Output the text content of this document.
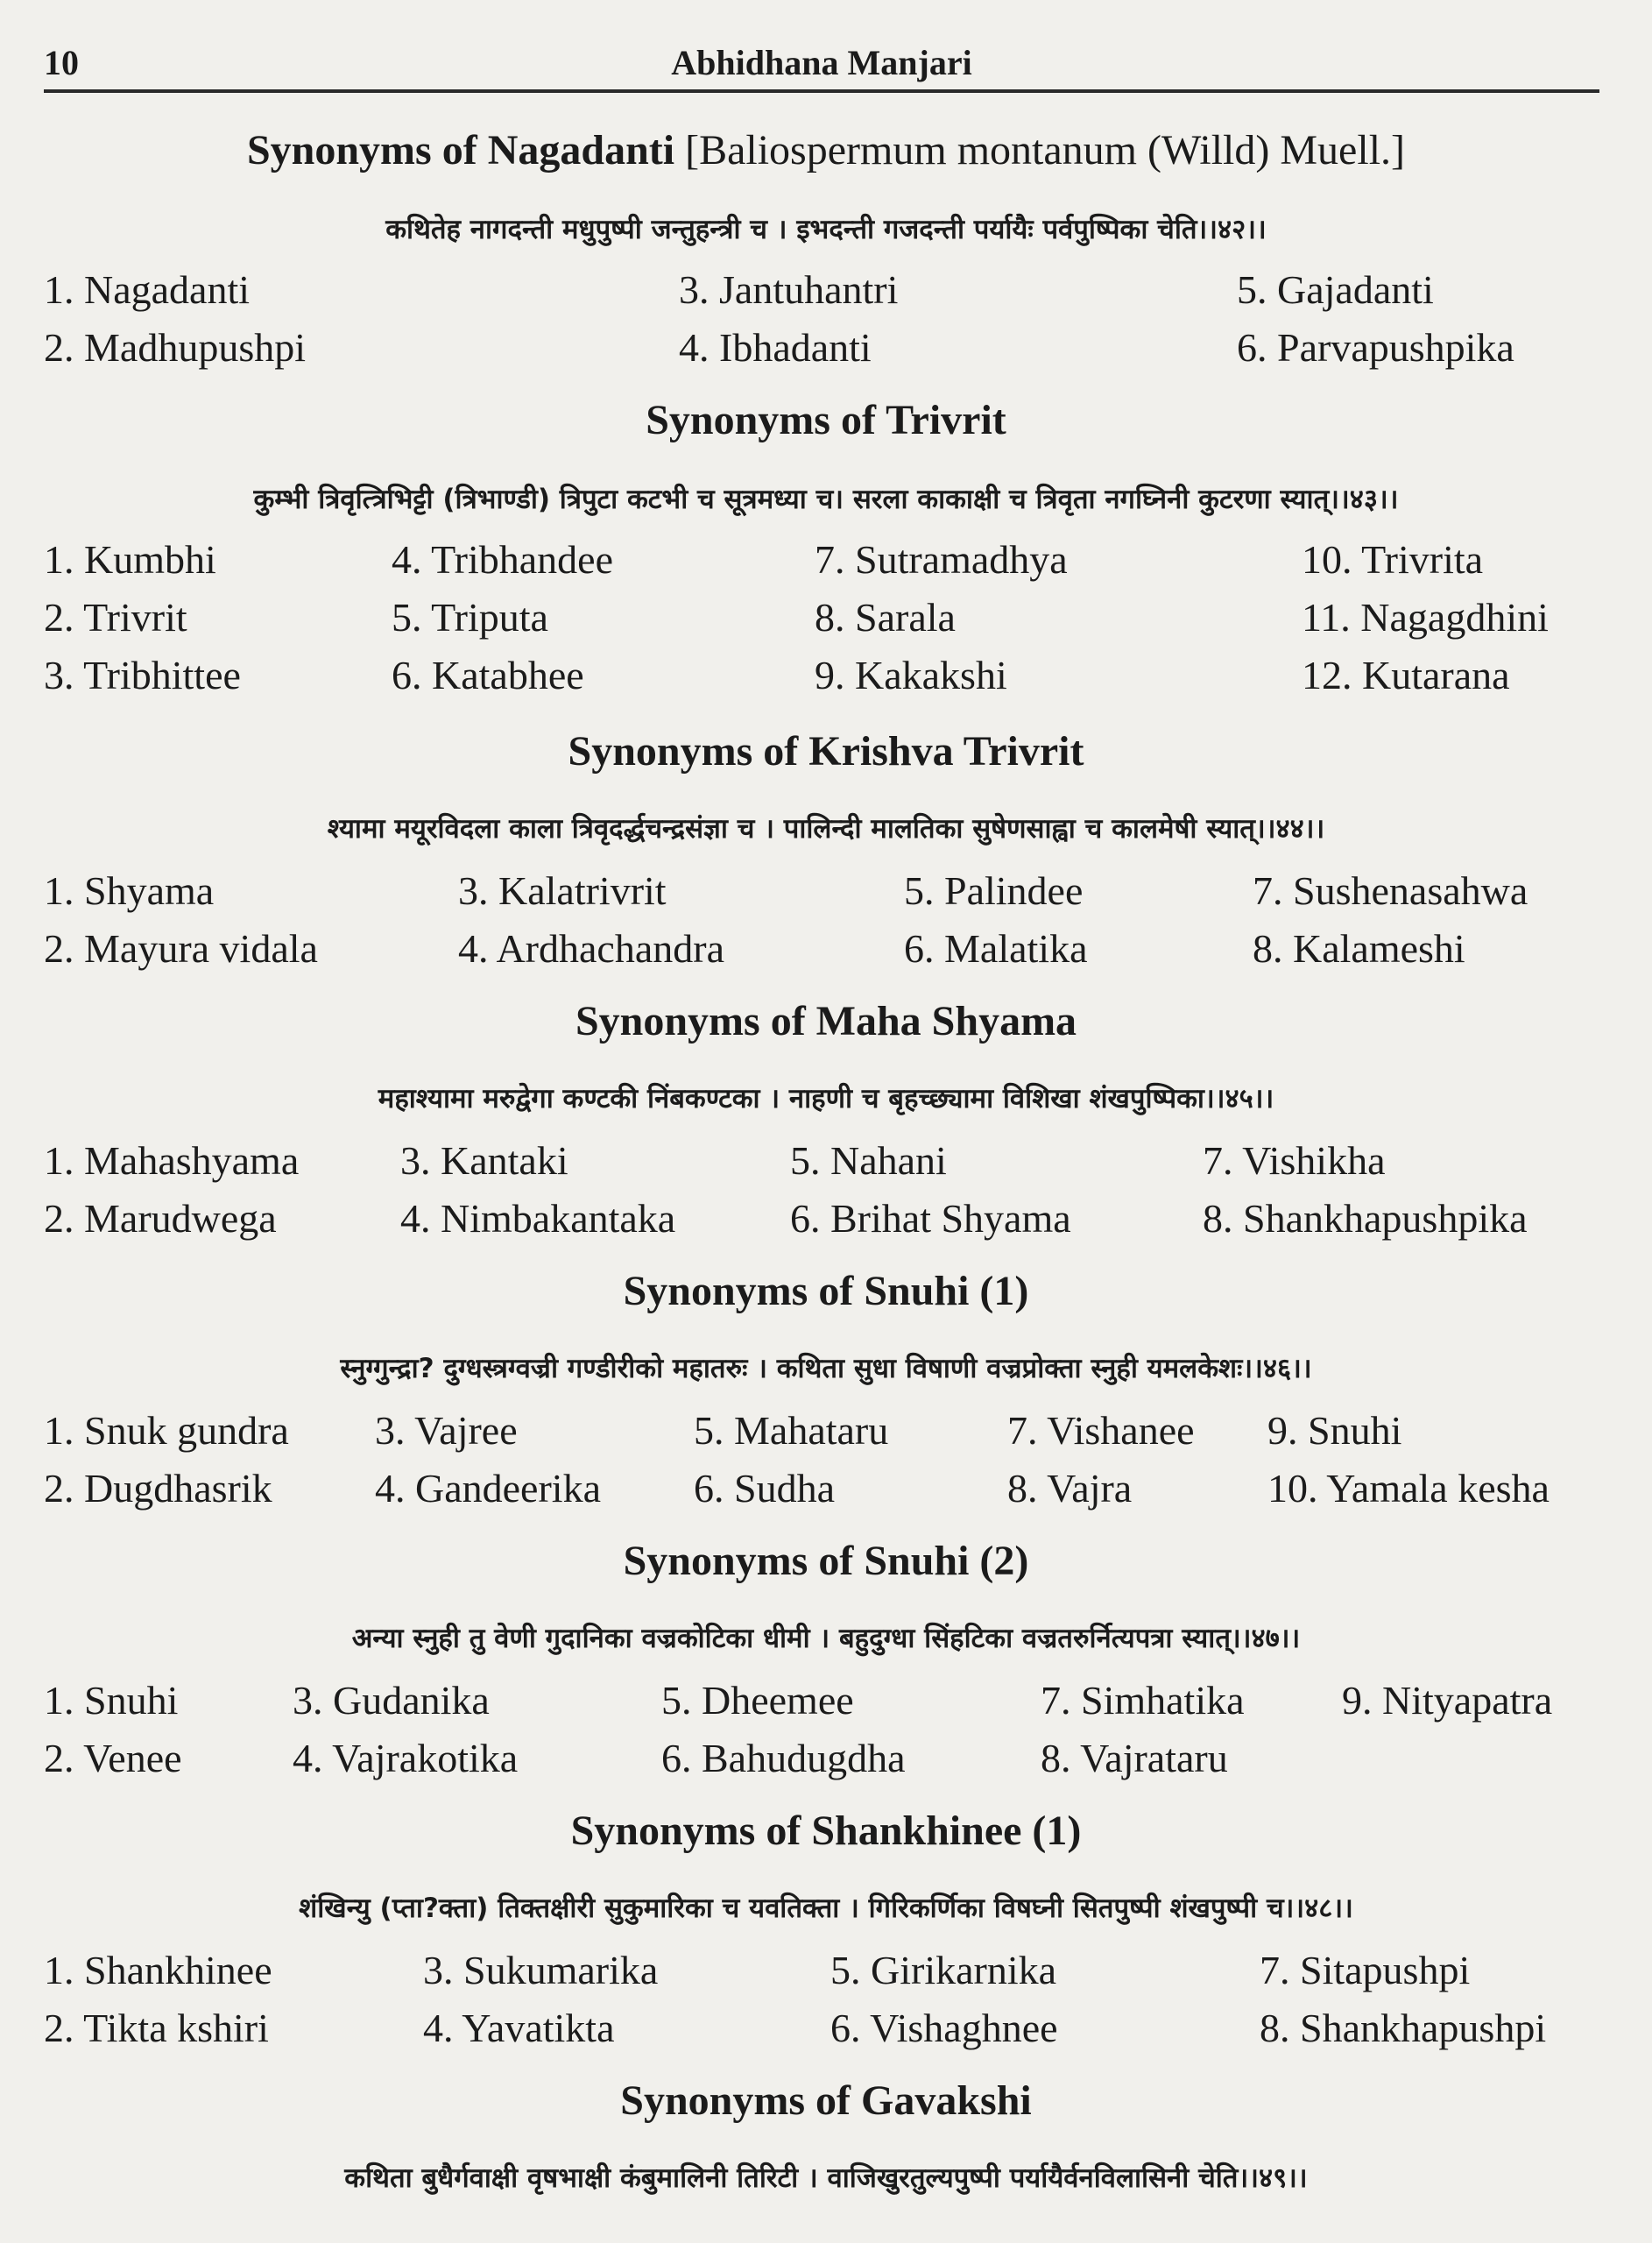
10	Abhidhana Manjari
Synonyms of Nagadanti [Baliospermum montanum (Willd) Muell.]
कथितेह नागदन्ती मधुपुष्पी जन्तुहन्त्री च । इभदन्ती गजदन्ती पर्यायैः पर्वपुष्पिका चेति।।४२।।
1. Nagadanti
2. Madhupushpi
3. Jantuhantri
4. Ibhadanti
5. Gajadanti
6. Parvapushpika
Synonyms of Trivrit
कुम्भी त्रिवृत्त्रिभिट्टी (त्रिभाण्डी) त्रिपुटा कटभी च सूत्रमध्या च। सरला काकाक्षी च त्रिवृता नगघ्निनी कुटरणा स्यात्।।४३।।
1. Kumbhi
2. Trivrit
3. Tribhittee
4. Tribhandee
5. Triputa
6. Katabhee
7. Sutramadhya
8. Sarala
9. Kakakshi
10. Trivrita
11. Nagagdhini
12. Kutarana
Synonyms of Krishva Trivrit
श्यामा मयूरविदला काला त्रिवृदर्द्धचन्द्रसंज्ञा च । पालिन्दी मालतिका सुषेणसाह्वा च कालमेषी स्यात्।।४४।।
1. Shyama
2. Mayura vidala
3. Kalatrivrit
4. Ardhachandra
5. Palindee
6. Malatika
7. Sushenasahwa
8. Kalameshi
Synonyms of Maha Shyama
महाश्यामा मरुद्वेगा कण्टकी निंबकण्टका । नाहणी च बृहच्छ्यामा विशिखा शंखपुष्पिका।।४५।।
1. Mahashyama
2. Marudwega
3. Kantaki
4. Nimbakantaka
5. Nahani
6. Brihat Shyama
7. Vishikha
8. Shankhapushpika
Synonyms of Snuhi (1)
स्नुग्गुन्द्रा? दुग्धस्त्रग्वज्री गण्डीरीको महातरुः । कथिता सुधा विषाणी वज्रप्रोक्ता स्नुही यमलकेशः।।४६।।
1. Snuk gundra
2. Dugdhasrik
3. Vajree
4. Gandeerika
5. Mahataru
6. Sudha
7. Vishanee
8. Vajra
9. Snuhi
10. Yamala kesha
Synonyms of Snuhi (2)
अन्या स्नुही तु वेणी गुदानिका वज्रकोटिका धीमी । बहुदुग्धा सिंहटिका वज्रतरुर्नित्यपत्रा स्यात्।।४७।।
1. Snuhi
2. Venee
3. Gudanika
4. Vajrakotika
5. Dheemee
6. Bahudugdha
7. Simhatika
8. Vajrataru
9. Nityapatra
Synonyms of Shankhinee (1)
शंखिन्यु (प्ता?क्ता) तिक्तक्षीरी सुकुमारिका च यवतिक्ता । गिरिकर्णिका विषघ्नी सितपुष्पी शंखपुष्पी च।।४८।।
1. Shankhinee
2. Tikta kshiri
3. Sukumarika
4. Yavatikta
5. Girikarnika
6. Vishaghnee
7. Sitapushpi
8. Shankhapushpi
Synonyms of Gavakshi
कथिता बुधैर्गवाक्षी वृषभाक्षी कंबुमालिनी तिरिटी । वाजिखुरतुल्यपुष्पी पर्यायैर्वनविलासिनी चेति।।४९।।
